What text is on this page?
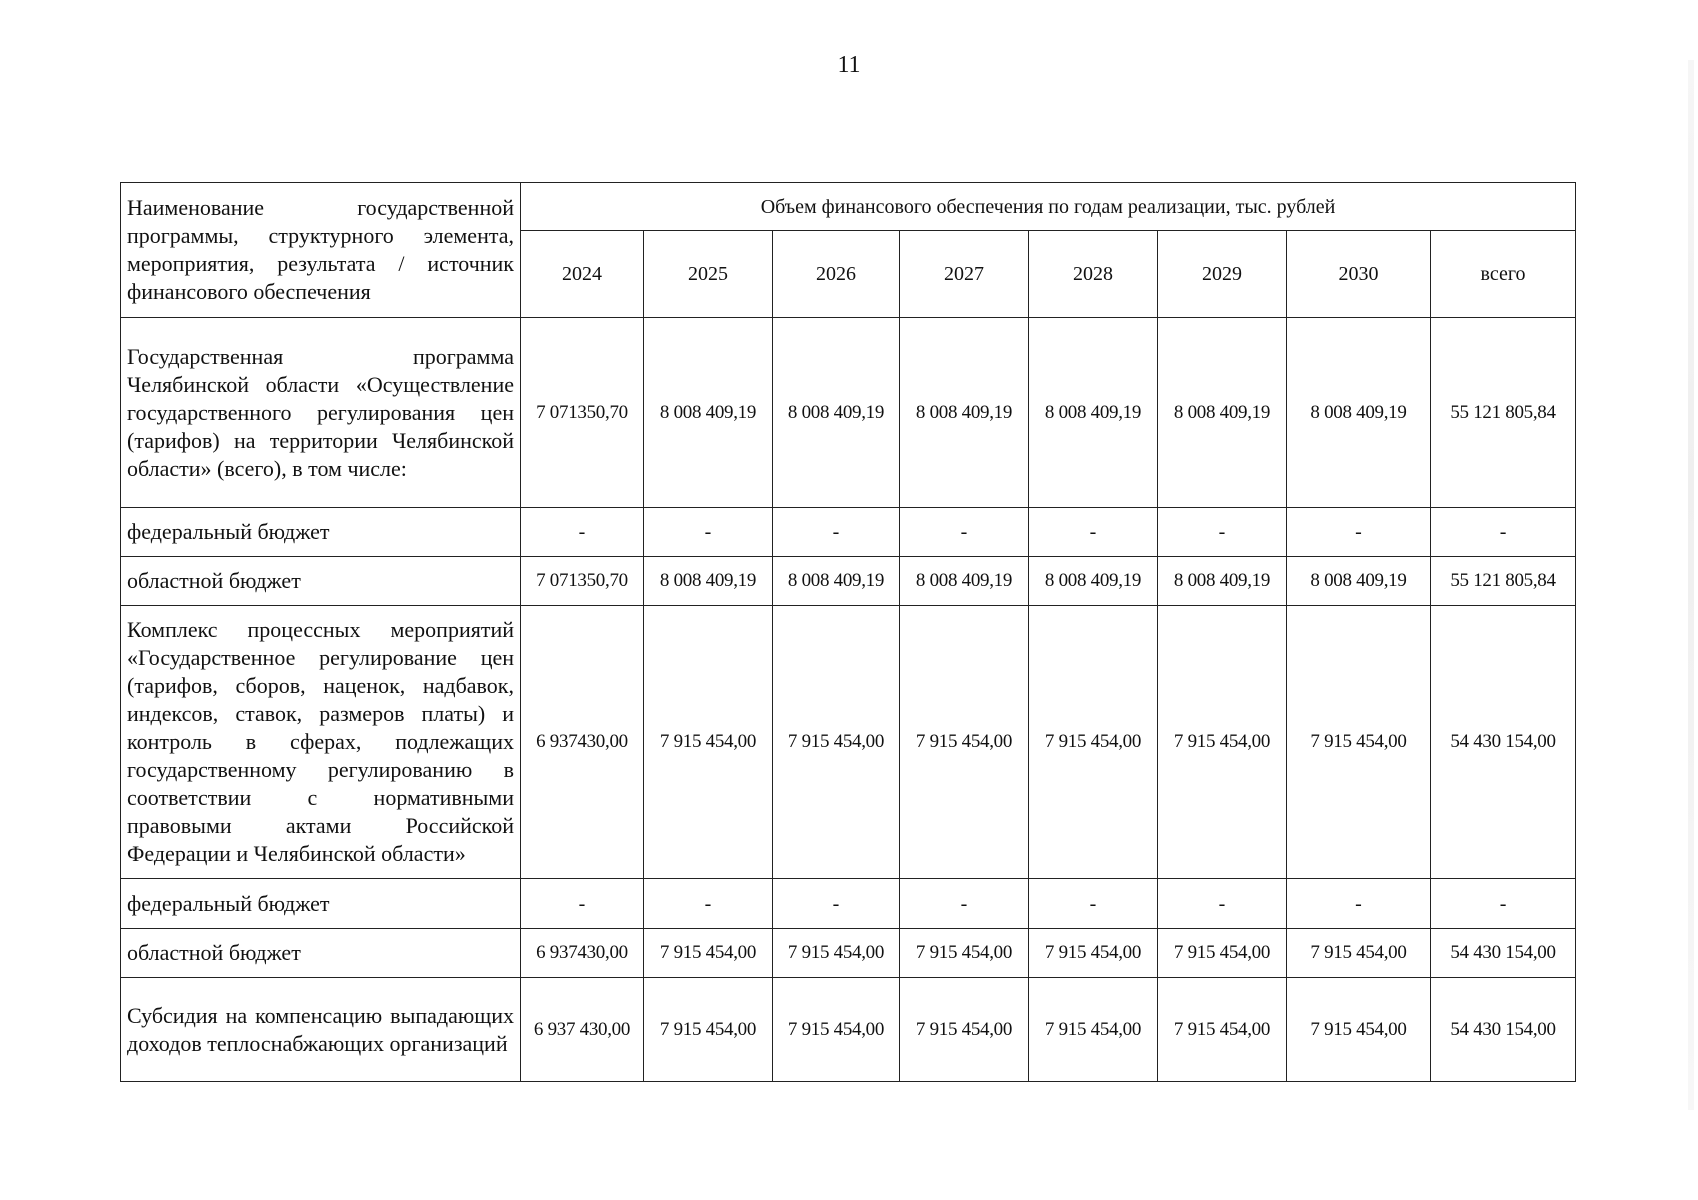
11
Наименование государственной программы, структурного элемента, мероприятия, результата / источник финансового обеспечения	Объем финансового обеспечения по годам реализации, тыс. рублей							
	2024	2025	2026	2027	2028	2029	2030	всего
Государственная программа Челябинской области «Осуществление государственного регулирования цен (тарифов) на территории Челябинской области» (всего), в том числе:	7 071350,70	8 008 409,19	8 008 409,19	8 008 409,19	8 008 409,19	8 008 409,19	8 008 409,19	55 121 805,84
федеральный бюджет	-	-	-	-	-	-	-	-
областной бюджет	7 071350,70	8 008 409,19	8 008 409,19	8 008 409,19	8 008 409,19	8 008 409,19	8 008 409,19	55 121 805,84
Комплекс процессных мероприятий «Государственное регулирование цен (тарифов, сборов, наценок, надбавок, индексов, ставок, размеров платы) и контроль в сферах, подлежащих государственному регулированию в соответствии с нормативными правовыми актами Российской Федерации и Челябинской области»	6 937430,00	7 915 454,00	7 915 454,00	7 915 454,00	7 915 454,00	7 915 454,00	7 915 454,00	54 430 154,00
федеральный бюджет	-	-	-	-	-	-	-	-
областной бюджет	6 937430,00	7 915 454,00	7 915 454,00	7 915 454,00	7 915 454,00	7 915 454,00	7 915 454,00	54 430 154,00
Субсидия на компенсацию выпадающих доходов теплоснабжающих организаций	6 937 430,00	7 915 454,00	7 915 454,00	7 915 454,00	7 915 454,00	7 915 454,00	7 915 454,00	54 430 154,00
